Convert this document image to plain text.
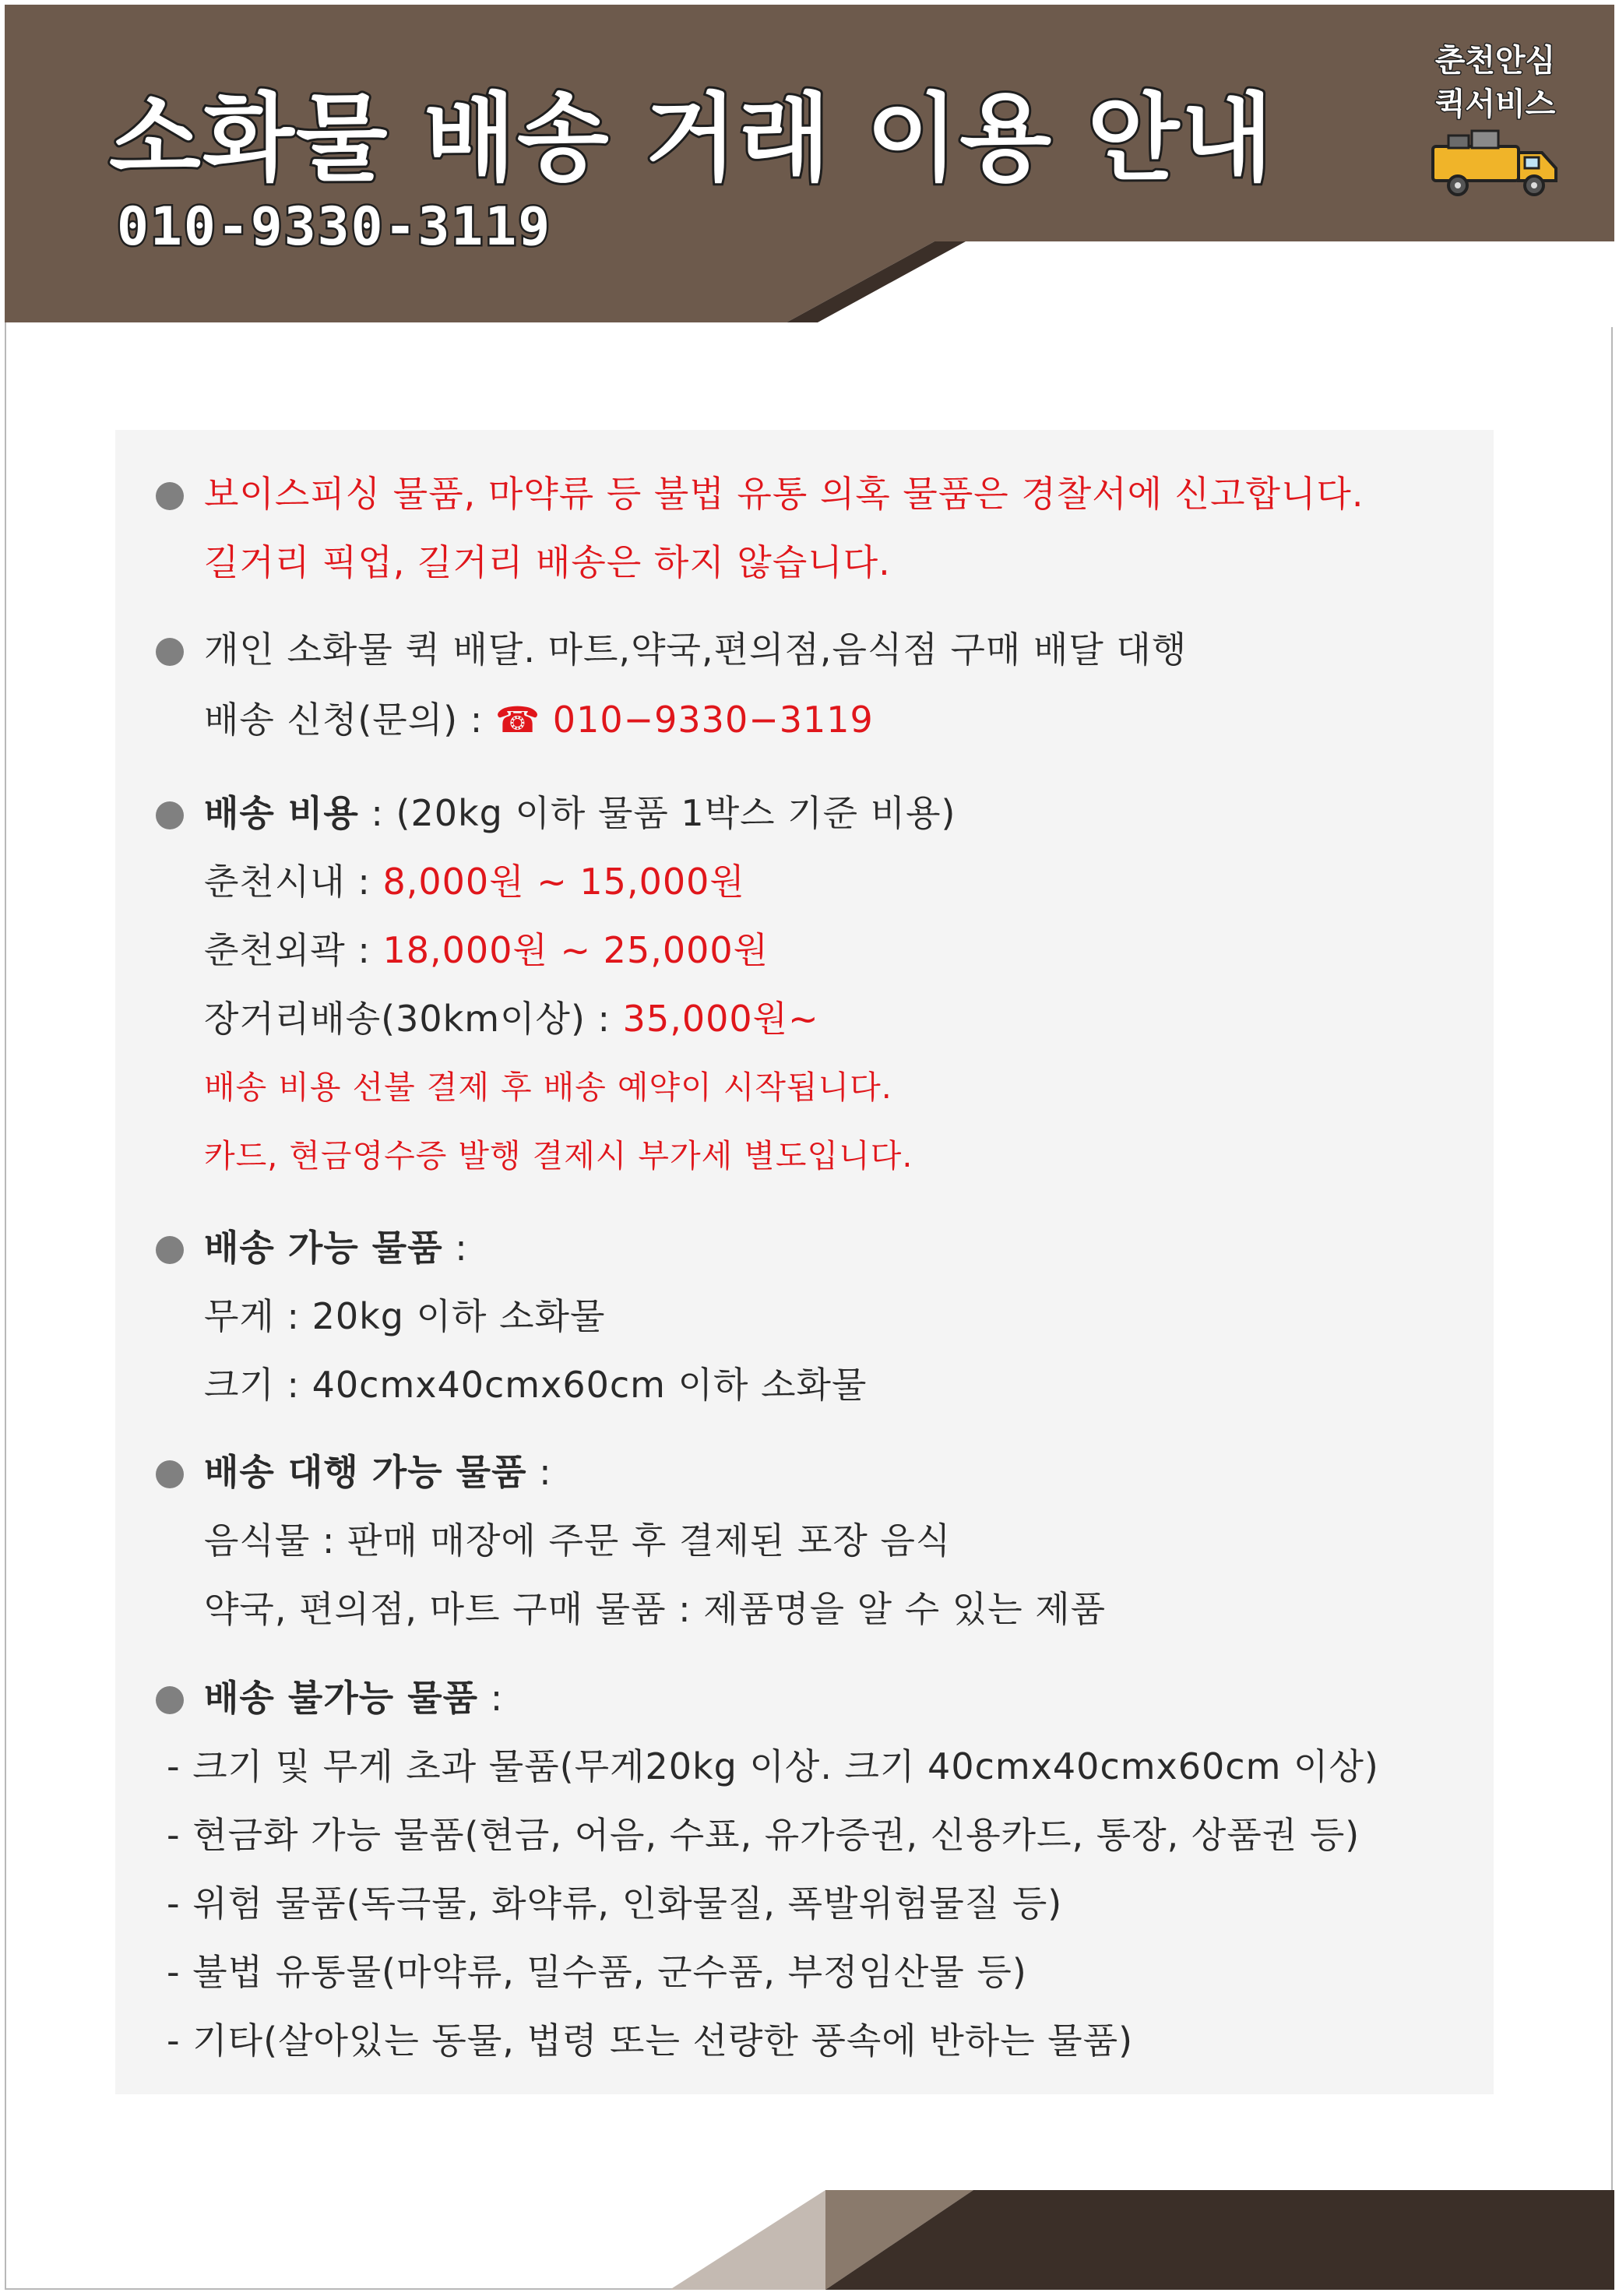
소화물 배송 거래 이용 안내
010-9330-3119
춘천안심
퀵서비스
보이스피싱 물품, 마약류 등 불법 유통 의혹 물품은 경찰서에 신고합니다.
길거리 픽업, 길거리 배송은 하지 않습니다.
개인 소화물 퀵 배달. 마트,약국,편의점,음식점 구매 배달 대행
배송 신청(문의) : ☎ 010−9330−3119
배송 비용 : (20kg 이하 물품 1박스 기준 비용)
춘천시내 : 8,000원 ~ 15,000원
춘천외곽 : 18,000원 ~ 25,000원
장거리배송(30km이상) : 35,000원~
배송 비용 선불 결제 후 배송 예약이 시작됩니다.
카드, 현금영수증 발행 결제시 부가세 별도입니다.
배송 가능 물품 :
무게 : 20kg 이하 소화물
크기 : 40cmx40cmx60cm 이하 소화물
배송 대행 가능 물품 :
음식물 : 판매 매장에 주문 후 결제된 포장 음식
약국, 편의점, 마트 구매 물품 : 제품명을 알 수 있는 제품
배송 불가능 물품 :
- 크기 및 무게 초과 물품(무게20kg 이상. 크기 40cmx40cmx60cm 이상)
- 현금화 가능 물품(현금, 어음, 수표, 유가증권, 신용카드, 통장, 상품권 등)
- 위험 물품(독극물, 화약류, 인화물질, 폭발위험물질 등)
- 불법 유통물(마약류, 밀수품, 군수품, 부정임산물 등)
- 기타(살아있는 동물, 법령 또는 선량한 풍속에 반하는 물품)
